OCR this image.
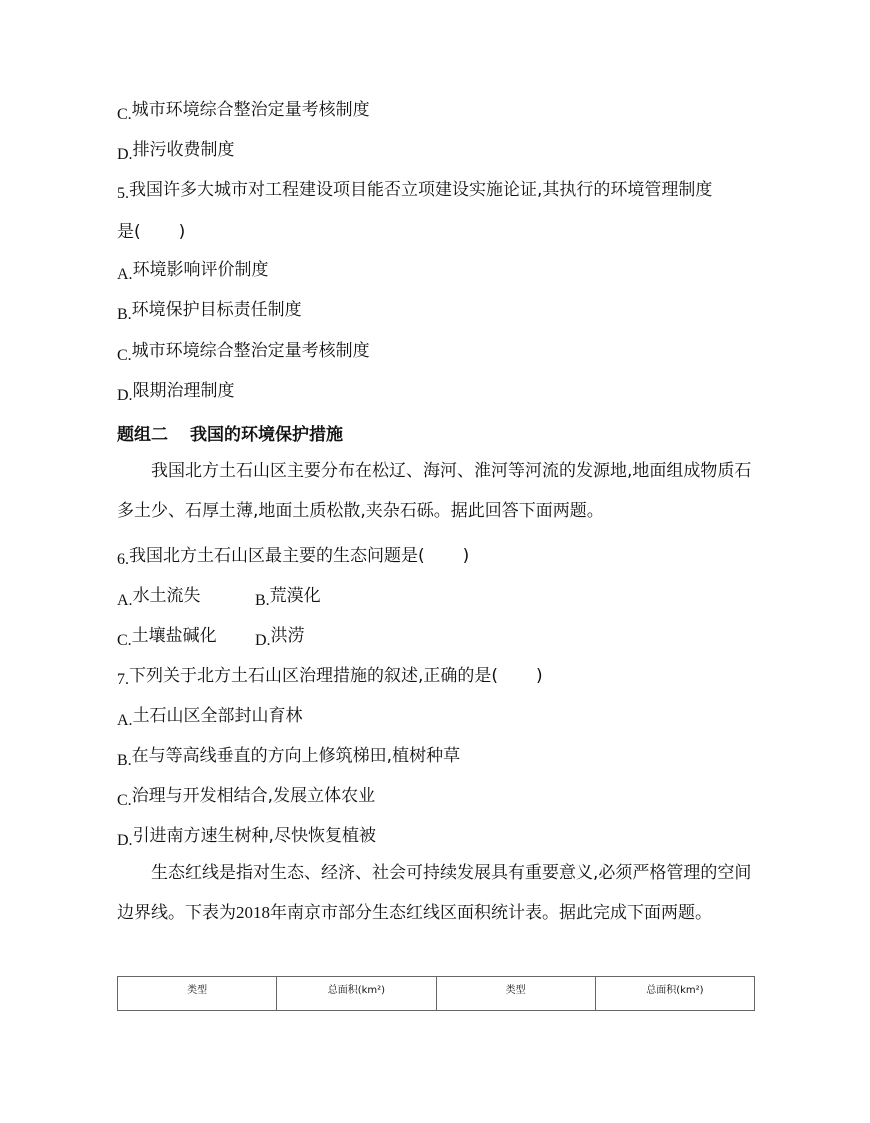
C.城市环境综合整治定量考核制度
D.排污收费制度
5.我国许多大城市对工程建设项目能否立项建设实施论证,其执行的环境管理制度
是( )
A.环境影响评价制度
B.环境保护目标责任制度
C.城市环境综合整治定量考核制度
D.限期治理制度
题组二 我国的环境保护措施
我国北方土石山区主要分布在松辽、海河、淮河等河流的发源地,地面组成物质石多土少、石厚土薄,地面土质松散,夹杂石砾。据此回答下面两题。
6.我国北方土石山区最主要的生态问题是( )
A.水土流失	B.荒漠化
C.土壤盐碱化 D.洪涝
7.下列关于北方土石山区治理措施的叙述,正确的是( )
A.土石山区全部封山育林
B.在与等高线垂直的方向上修筑梯田,植树种草
C.治理与开发相结合,发展立体农业
D.引进南方速生树种,尽快恢复植被
生态红线是指对生态、经济、社会可持续发展具有重要意义,必须严格管理的空间边界线。下表为2018年南京市部分生态红线区面积统计表。据此完成下面两题。
类型	总面积(km²)	类型	总面积(km²)
